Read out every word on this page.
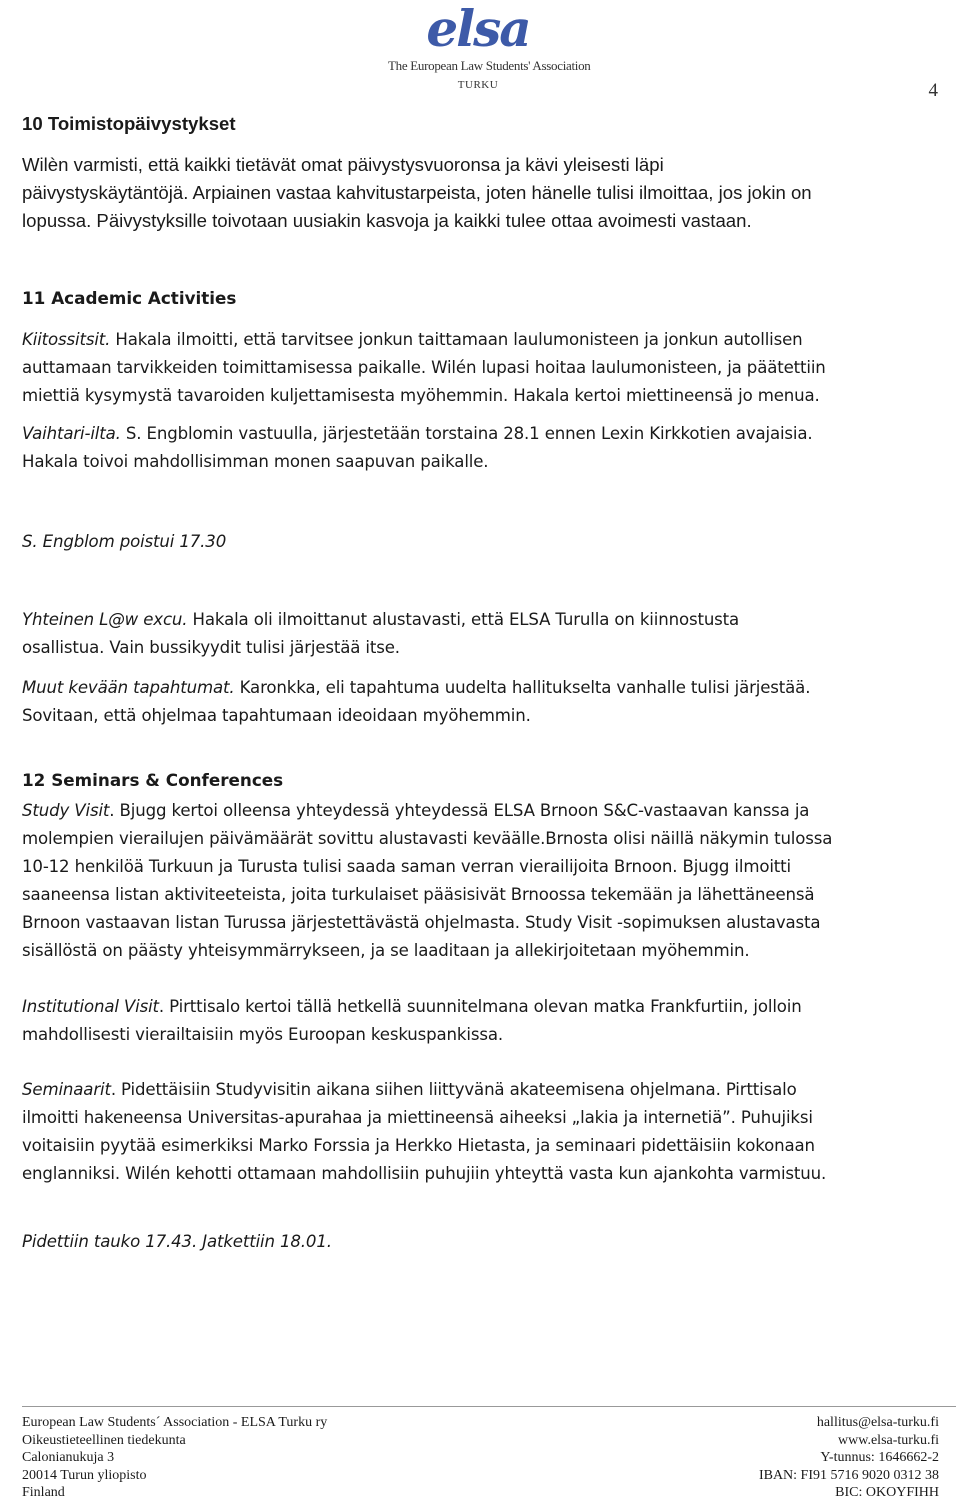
elsa
The European Law Students' Association
TURKU	4
10 Toimistopäivystykset
Wilèn varmisti, että kaikki tietävät omat päivystysvuoronsa ja kävi yleisesti läpi
päivystyskäytäntöjä. Arpiainen vastaa kahvitustarpeista, joten hänelle tulisi ilmoittaa, jos jokin on
lopussa. Päivystyksille toivotaan uusiakin kasvoja ja kaikki tulee ottaa avoimesti vastaan.
11 Academic Activities
Kiitossitsit. Hakala ilmoitti, että tarvitsee jonkun taittamaan laulumonisteen ja jonkun autollisen
auttamaan tarvikkeiden toimittamisessa paikalle. Wilén lupasi hoitaa laulumonisteen, ja päätettiin
miettiä kysymystä tavaroiden kuljettamisesta myöhemmin. Hakala kertoi miettineensä jo menua.
Vaihtari-ilta. S. Engblomin vastuulla, järjestetään torstaina 28.1 ennen Lexin Kirkkotien avajaisia.
Hakala toivoi mahdollisimman monen saapuvan paikalle.
S. Engblom poistui 17.30
Yhteinen L@w excu. Hakala oli ilmoittanut alustavasti, että ELSA Turulla on kiinnostusta
osallistua. Vain bussikyydit tulisi järjestää itse.
Muut kevään tapahtumat. Karonkka, eli tapahtuma uudelta hallitukselta vanhalle tulisi järjestää.
Sovitaan, että ohjelmaa tapahtumaan ideoidaan myöhemmin.
12 Seminars & Conferences
Study Visit. Bjugg kertoi olleensa yhteydessä yhteydessä ELSA Brnoon S&C-vastaavan kanssa ja
molempien vierailujen päivämäärät sovittu alustavasti keväälle.Brnosta olisi näillä näkymin tulossa
10-12 henkilöä Turkuun ja Turusta tulisi saada saman verran vierailijoita Brnoon. Bjugg ilmoitti
saaneensa listan aktiviteeteista, joita turkulaiset pääsisivät Brnoossa tekemään ja lähettäneensä
Brnoon vastaavan listan Turussa järjestettävästä ohjelmasta. Study Visit -sopimuksen alustavasta
sisällöstä on päästy yhteisymmärrykseen, ja se laaditaan ja allekirjoitetaan myöhemmin.
Institutional Visit. Pirttisalo kertoi tällä hetkellä suunnitelmana olevan matka Frankfurtiin, jolloin
mahdollisesti vierailtaisiin myös Euroopan keskuspankissa.
Seminaarit. Pidettäisiin Studyvisitin aikana siihen liittyvänä akateemisena ohjelmana. Pirttisalo
ilmoitti hakeneensa Universitas-apurahaa ja miettineensä aiheeksi „lakia ja internetiä”. Puhujiksi
voitaisiin pyytää esimerkiksi Marko Forssia ja Herkko Hietasta, ja seminaari pidettäisiin kokonaan
englanniksi. Wilén kehotti ottamaan mahdollisiin puhujiin yhteyttä vasta kun ajankohta varmistuu.
Pidettiin tauko 17.43. Jatkettiin 18.01.
European Law Students´ Association - ELSA Turku ry
Oikeustieteellinen tiedekunta
Calonianukuja 3
20014 Turun yliopisto
Finland
hallitus@elsa-turku.fi
www.elsa-turku.fi
Y-tunnus: 1646662-2
IBAN: FI91 5716 9020 0312 38
BIC: OKOYFIHH
